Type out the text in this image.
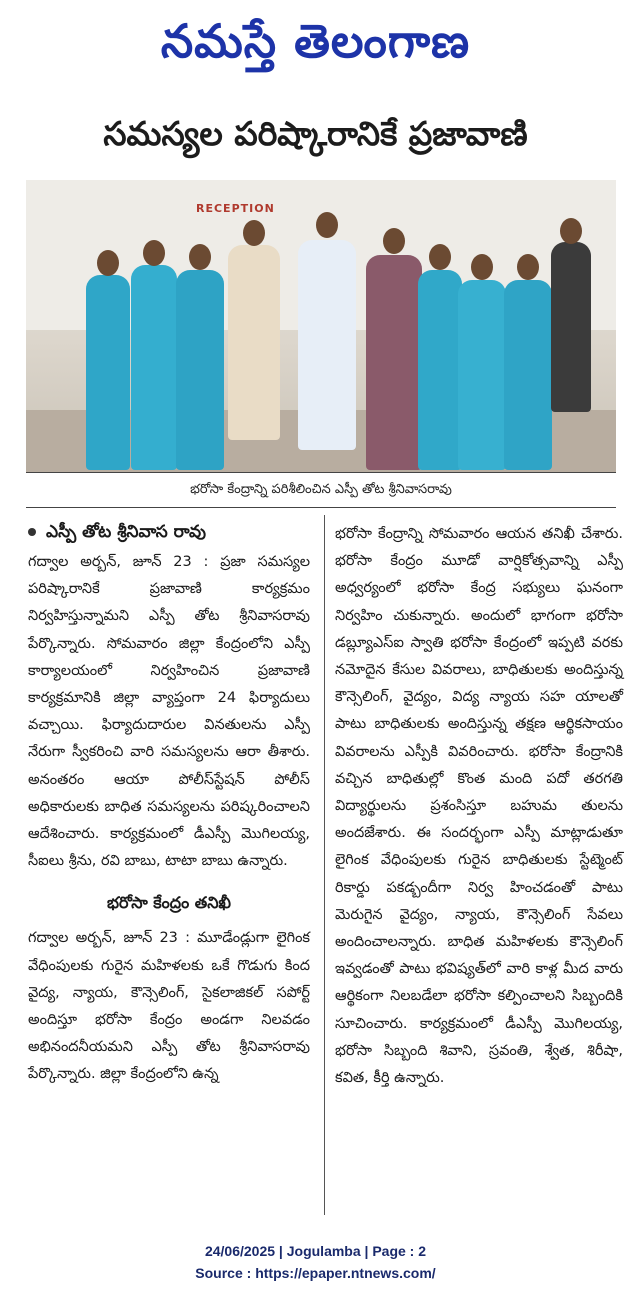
నమస్తే తెలంగాణ
సమస్యల పరిష్కారానికే ప్రజావాణి
RECEPTION
భరోసా కేంద్రాన్ని పరిశీలించిన ఎస్పీ తోట శ్రీనివాసరావు
ఎస్పీ తోట శ్రీనివాస రావు

గద్వాల అర్బన్, జూన్ 23 : ప్రజా సమస్యల పరిష్కారానికే ప్రజావాణి కార్యక్రమం నిర్వహిస్తున్నామని ఎస్పీ తోట శ్రీనివాసరావు పేర్కొన్నారు. సోమవారం జిల్లా కేంద్రంలోని ఎస్పీ కార్యాలయంలో నిర్వహించిన ప్రజావాణి కార్యక్రమానికి జిల్లా వ్యాప్తంగా 24 ఫిర్యాదులు వచ్చాయి. ఫిర్యాదుదారుల వినతులను ఎస్పీ నేరుగా స్వీకరించి వారి సమస్యలను ఆరా తీశారు. అనంతరం ఆయా పోలీస్‌స్టేషన్ పోలీస్ అధికారులకు బాధిత సమస్యలను పరిష్కరించాలని ఆదేశించారు. కార్యక్రమంలో డీఎస్పీ మొగిలయ్య, సీఐలు శ్రీను, రవి బాబు, టాటా బాబు ఉన్నారు.

భరోసా కేంద్రం తనిఖీ

గద్వాల అర్బన్, జూన్ 23 : మూడేండ్లుగా లైగింక వేధింపులకు గురైన మహిళలకు ఒకే గొడుగు కింద వైద్య, న్యాయ, కౌన్సెలింగ్, సైకలాజికల్ సపోర్ట్ అందిస్తూ భరోసా కేంద్రం అండగా నిలవడం అభినందనీయమని ఎస్పీ తోట శ్రీనివాసరావు పేర్కొన్నారు. జిల్లా కేంద్రంలోని ఉన్న

భరోసా కేంద్రాన్ని సోమవారం ఆయన తనిఖీ చేశారు. భరోసా కేంద్రం మూడో వార్షికోత్సవాన్ని ఎస్పీ అధ్వర్యంలో భరోసా కేంద్ర సభ్యులు ఘనంగా నిర్వహిం చుకున్నారు. అందులో భాగంగా భరోసా డబ్ల్యూఎస్ఐ స్వాతి భరోసా కేంద్రంలో ఇప్పటి వరకు నమోదైన కేసుల వివరాలు, బాధితులకు అందిస్తున్న కౌన్సెలింగ్, వైద్యం, విద్య న్యాయ సహ యాలతో పాటు బాధితులకు అందిస్తున్న తక్షణ ఆర్థికసాయం వివరాలను ఎస్పీకి వివరించారు. భరోసా కేంద్రానికి వచ్చిన బాధితుల్లో కొంత మంది పదో తరగతి విద్యార్థులను ప్రశంసిస్తూ బహుమ తులను అందజేశారు. ఈ సందర్భంగా ఎస్పీ మాట్లాడుతూ లైగింక వేధింపులకు గురైన బాధితులకు స్టేట్మెంట్ రికార్డు పకడ్బందీగా నిర్వ హించడంతో పాటు మెరుగైన వైద్యం, న్యాయ, కౌన్సెలింగ్ సేవలు అందించాలన్నారు. బాధిత మహిళలకు కౌన్సెలింగ్ ఇవ్వడంతో పాటు భవిష్యత్‌లో వారి కాళ్ల మీద వారు ఆర్థికంగా నిలబడేలా భరోసా కల్పించాలని సిబ్బందికి సూచించారు. కార్యక్రమంలో డీఎస్పీ మొగిలయ్య, భరోసా సిబ్బంది శివాని, స్రవంతి, శ్వేత, శిరీషా, కవిత, కీర్తి ఉన్నారు.

24/06/2025 | Jogulamba | Page : 2
Source : https://epaper.ntnews.com/
